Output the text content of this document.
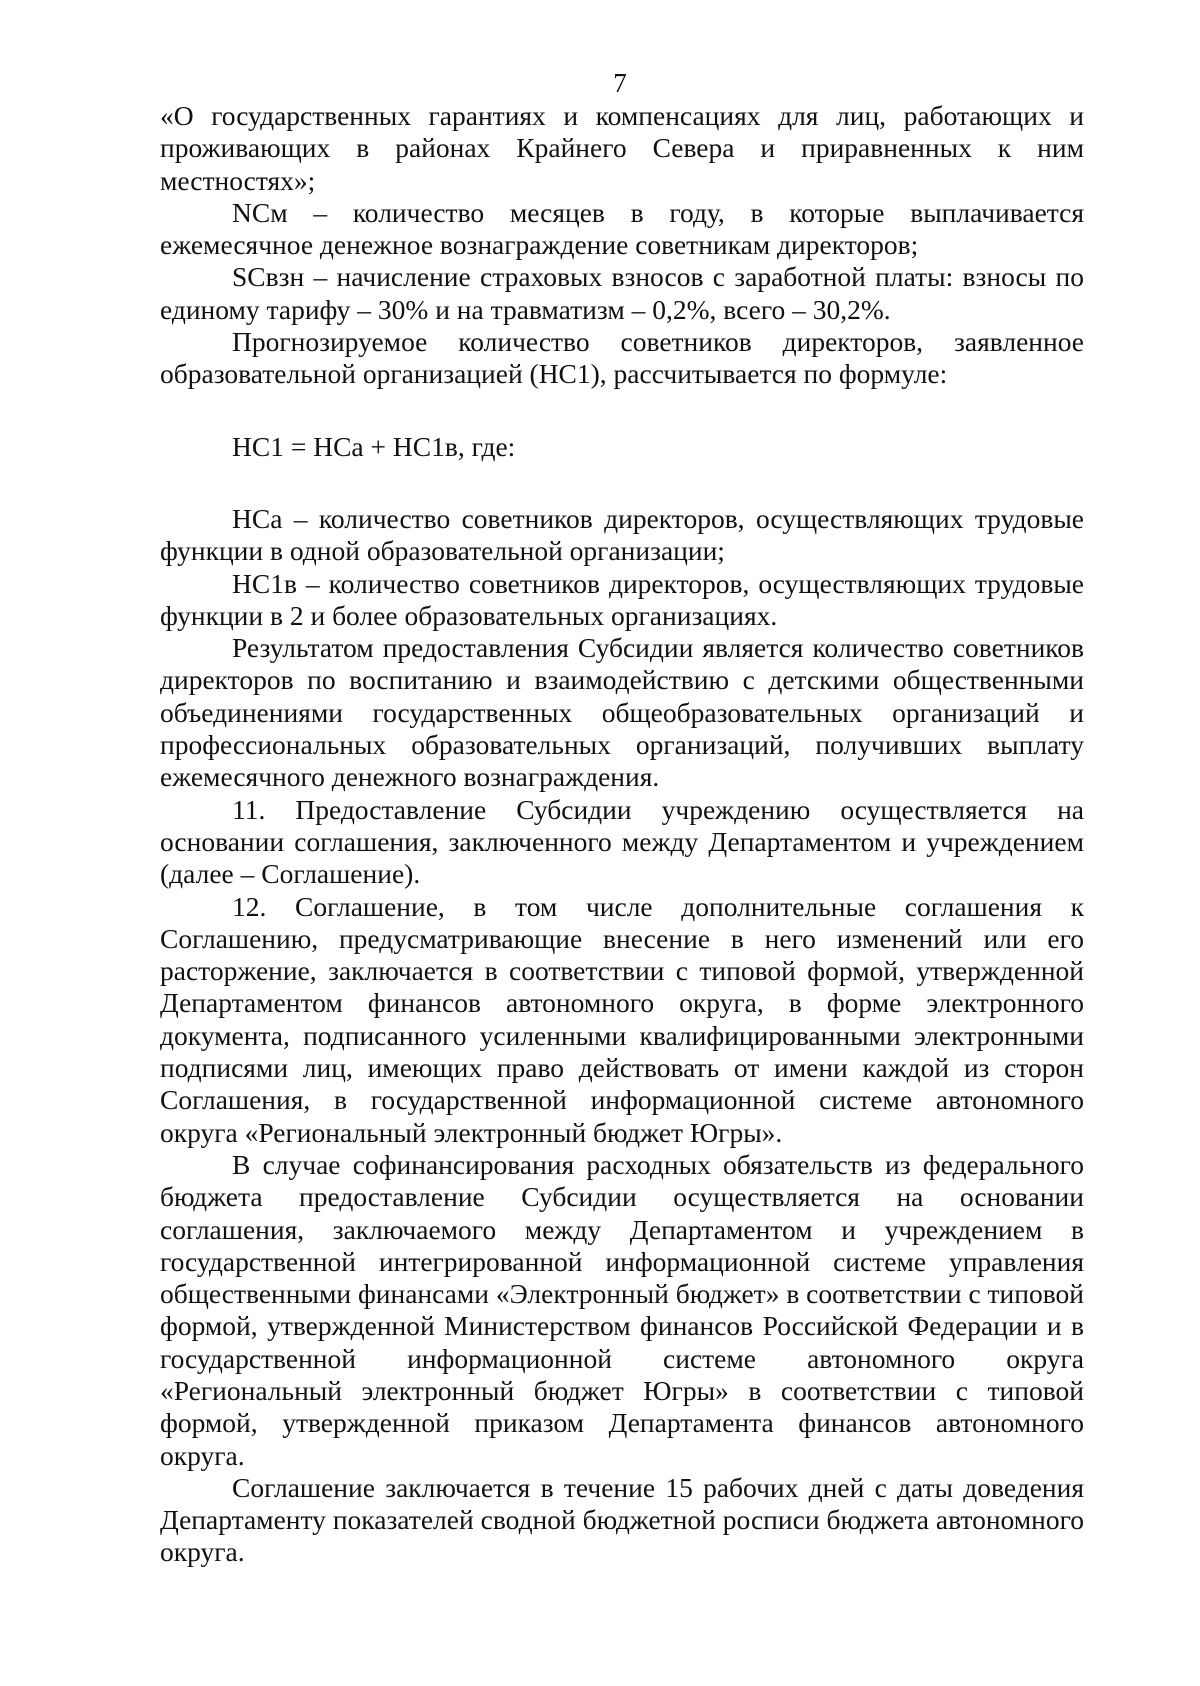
7

«О государственных гарантиях и компенсациях для лиц, работающих и проживающих в районах Крайнего Севера и приравненных к ним местностях»;

NСм – количество месяцев в году, в которые выплачивается ежемесячное денежное вознаграждение советникам директоров;

SСвзн – начисление страховых взносов с заработной платы: взносы по единому тарифу – 30% и на травматизм – 0,2%, всего – 30,2%.

Прогнозируемое количество советников директоров, заявленное образовательной организацией (НС1), рассчитывается по формуле:

НС1 = НСа + НС1в, где:

НСа – количество советников директоров, осуществляющих трудовые функции в одной образовательной организации;

НС1в – количество советников директоров, осуществляющих трудовые функции в 2 и более образовательных организациях.

Результатом предоставления Субсидии является количество советников директоров по воспитанию и взаимодействию с детскими общественными объединениями государственных общеобразовательных организаций и профессиональных образовательных организаций, получивших выплату ежемесячного денежного вознаграждения.

11. Предоставление Субсидии учреждению осуществляется на основании соглашения, заключенного между Департаментом и учреждением (далее – Соглашение).

12. Соглашение, в том числе дополнительные соглашения к Соглашению, предусматривающие внесение в него изменений или его расторжение, заключается в соответствии с типовой формой, утвержденной Департаментом финансов автономного округа, в форме электронного документа, подписанного усиленными квалифицированными электронными подписями лиц, имеющих право действовать от имени каждой из сторон Соглашения, в государственной информационной системе автономного округа «Региональный электронный бюджет Югры».

В случае софинансирования расходных обязательств из федерального бюджета предоставление Субсидии осуществляется на основании соглашения, заключаемого между Департаментом и учреждением в государственной интегрированной информационной системе управления общественными финансами «Электронный бюджет» в соответствии с типовой формой, утвержденной Министерством финансов Российской Федерации и в государственной информационной системе автономного округа «Региональный электронный бюджет Югры» в соответствии с типовой формой, утвержденной приказом Департамента финансов автономного округа.

Соглашение заключается в течение 15 рабочих дней с даты доведения Департаменту показателей сводной бюджетной росписи бюджета автономного округа.
